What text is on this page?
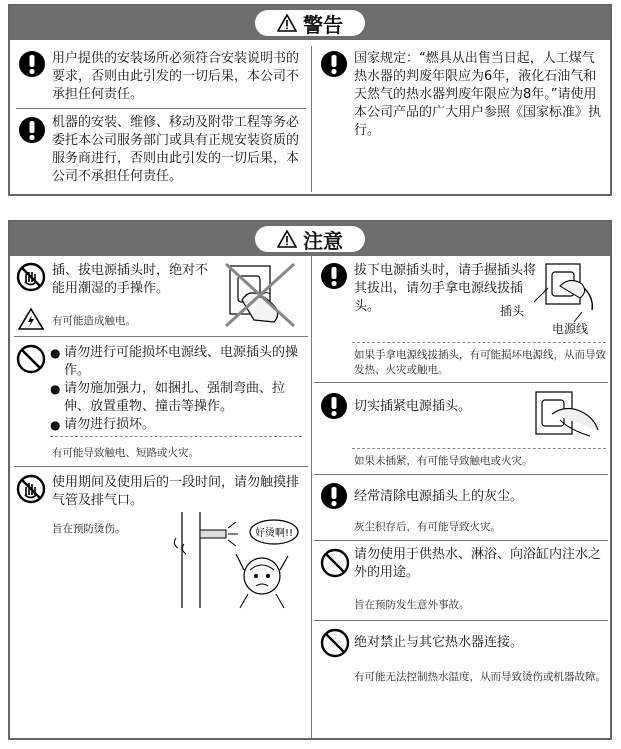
警告
用户提供的安装场所必须符合安装说明书的要求，否则由此引发的一切后果，本公司不承担任何责任。
机器的安装、维修、移动及附带工程等务必委托本公司服务部门或具有正规安装资质的服务商进行，否则由此引发的一切后果，本公司不承担任何责任。
国家规定：“燃具从出售当日起，人工煤气热水器的判废年限应为6年，液化石油气和天然气的热水器判废年限应为8年。”请使用本公司产品的广大用户参照《国家标准》执行。
注意
插、拔电源插头时，绝对不能用潮湿的手操作。
有可能造成触电。
● 请勿进行可能损坏电源线、电源插头的操作。
● 请勿施加强力，如捆扎、强制弯曲、拉伸、放置重物、撞击等操作。
● 请勿进行损坏。
有可能导致触电、短路或火灾。
使用期间及使用后的一段时间，请勿触摸排气管及排气口。
旨在预防烫伤。	好烫啊!!
拔下电源插头时，请手握插头将其拔出，请勿手拿电源线拔插头。	插头
电源线
如果手拿电源线拔插头，有可能损坏电源线，从而导致发热、火灾或触电。
切实插紧电源插头。
如果未插紧，有可能导致触电或火灾。
经常清除电源插头上的灰尘。
灰尘积存后，有可能导致火灾。
请勿使用于供热水、淋浴、向浴缸内注水之外的用途。
旨在预防发生意外事故。
绝对禁止与其它热水器连接。
有可能无法控制热水温度，从而导致烫伤或机器故障。
